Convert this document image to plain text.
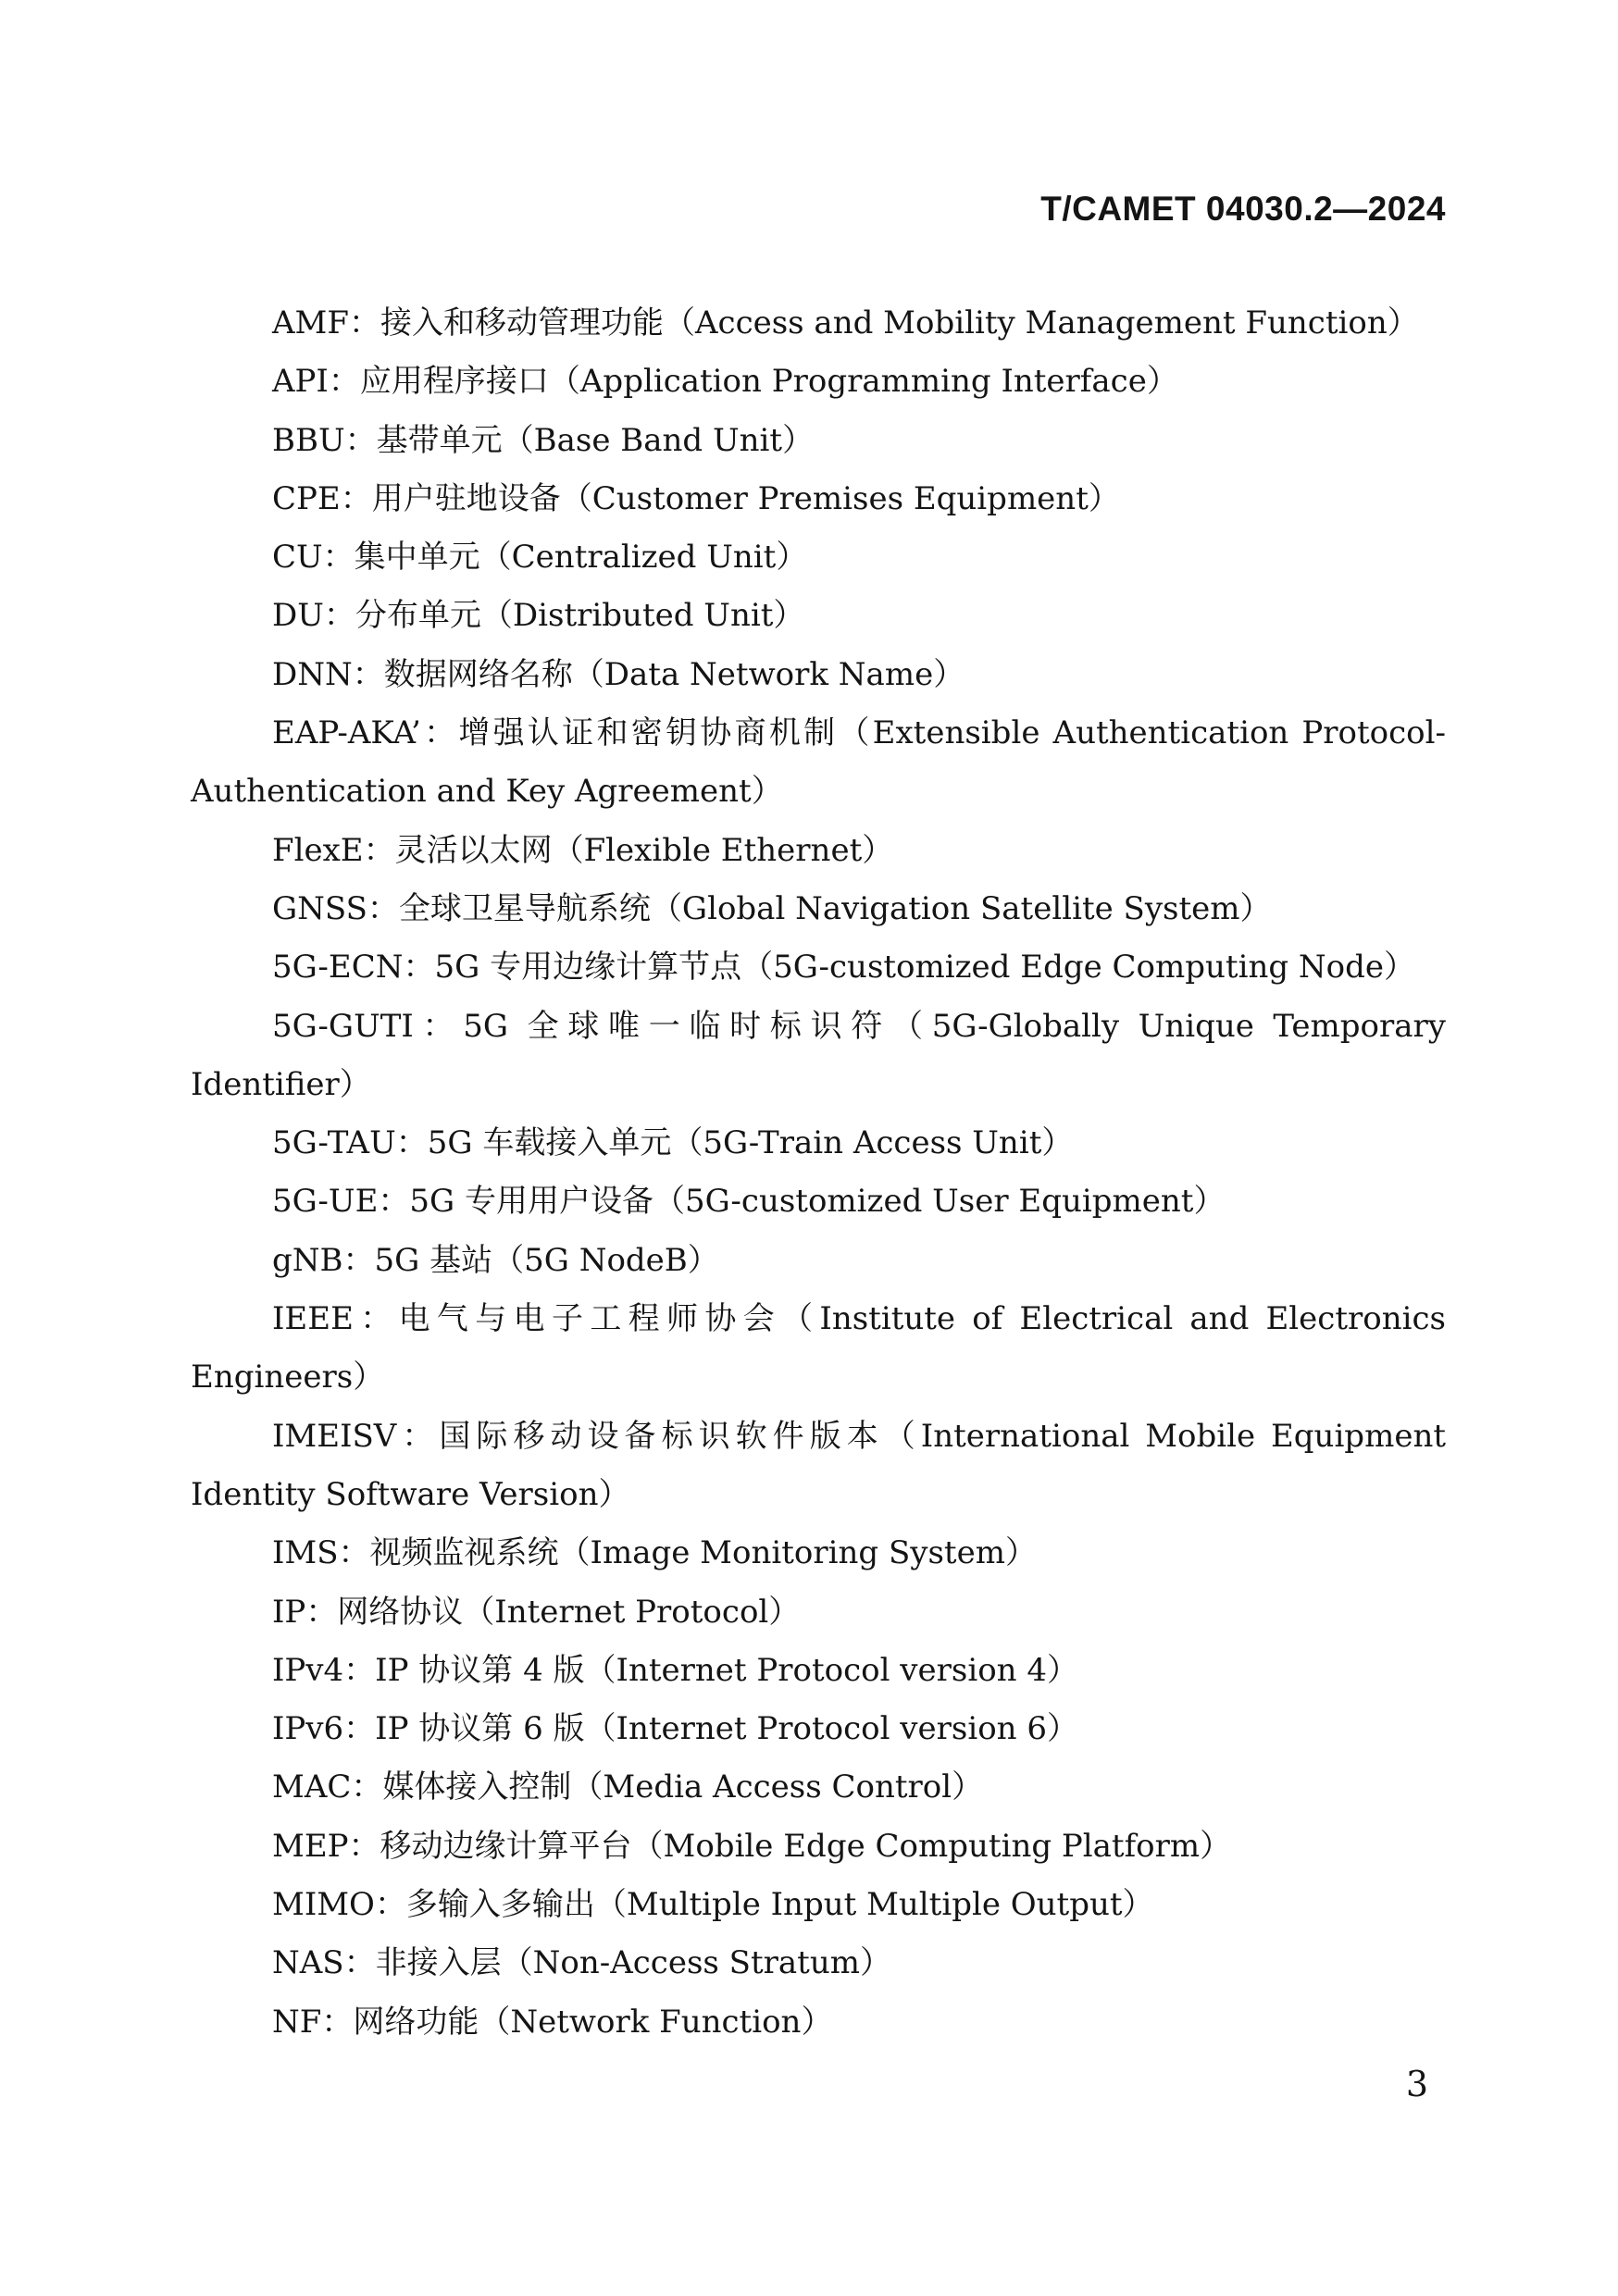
T/CAMET 04030.2—2024

AMF：接入和移动管理功能（Access and Mobility Management Function）

API：应用程序接口（Application Programming Interface）

BBU：基带单元（Base Band Unit）

CPE：用户驻地设备（Customer Premises Equipment）

CU：集中单元（Centralized Unit）

DU：分布单元（Distributed Unit）

DNN：数据网络名称（Data Network Name）

EAP-AKA’：增强认证和密钥协商机制（Extensible Authentication Protocol-Authentication and Key Agreement）

FlexE：灵活以太网（Flexible Ethernet）

GNSS：全球卫星导航系统（Global Navigation Satellite System）

5G-ECN：5G 专用边缘计算节点（5G-customized Edge Computing Node）

5G-GUTI：5G 全球唯一临时标识符（5G-Globally Unique Temporary Identifier）

5G-TAU：5G 车载接入单元（5G-Train Access Unit）

5G-UE：5G 专用用户设备（5G-customized User Equipment）

gNB：5G 基站（5G NodeB）

IEEE：电气与电子工程师协会（Institute of Electrical and Electronics Engineers）

IMEISV：国际移动设备标识软件版本（International Mobile Equipment Identity Software Version）

IMS：视频监视系统（Image Monitoring System）

IP：网络协议（Internet Protocol）

IPv4：IP 协议第 4 版（Internet Protocol version 4）

IPv6：IP 协议第 6 版（Internet Protocol version 6）

MAC：媒体接入控制（Media Access Control）

MEP：移动边缘计算平台（Mobile Edge Computing Platform）

MIMO：多输入多输出（Multiple Input Multiple Output）

NAS：非接入层（Non-Access Stratum）

NF：网络功能（Network Function）

3
